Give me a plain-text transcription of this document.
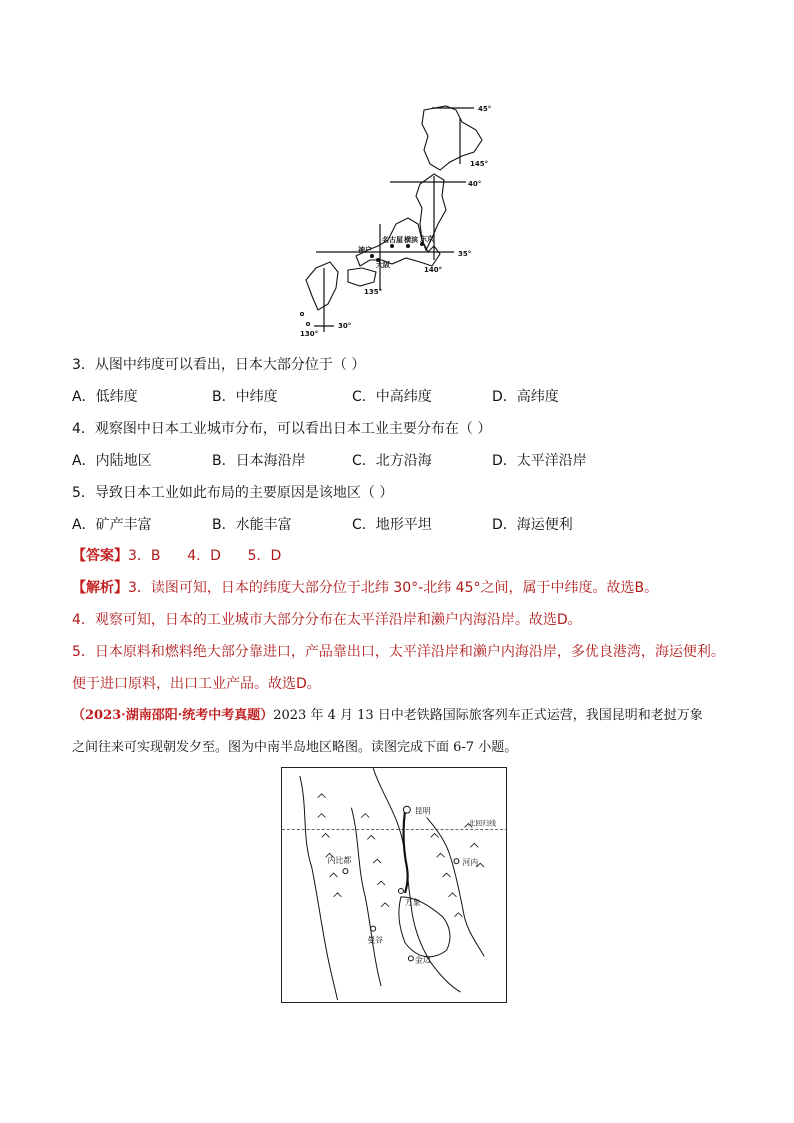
45°
145°
40°
35°
140°
135°
30°
130°
名古屋 横滨 东京
神户
大阪
3．从图中纬度可以看出，日本大部分位于（ ）
A．低纬度	B．中纬度	C．中高纬度	D．高纬度
4．观察图中日本工业城市分布，可以看出日本工业主要分布在（ ）
A．内陆地区	B．日本海沿岸	C．北方沿海	D．太平洋沿岸
5．导致日本工业如此布局的主要原因是该地区（ ）
A．矿产丰富	B．水能丰富	C．地形平坦	D．海运便利
【答案】3．B      4．D      5．D
【解析】3．读图可知，日本的纬度大部分位于北纬 30°-北纬 45°之间，属于中纬度。故选B。
4．观察可知，日本的工业城市大部分分布在太平洋沿岸和濑户内海沿岸。故选D。
5．日本原料和燃料绝大部分靠进口，产品靠出口，太平洋沿岸和濑户内海沿岸，多优良港湾，海运便利。
便于进口原料，出口工业产品。故选D。
（2023·湖南邵阳·统考中考真题）2023 年 4 月 13 日中老铁路国际旅客列车正式运营，我国昆明和老挝万象
之间往来可实现朝发夕至。图为中南半岛地区略图。读图完成下面 6-7 小题。
昆明
内比都	河内
万象
曼谷
金边
北回归线
